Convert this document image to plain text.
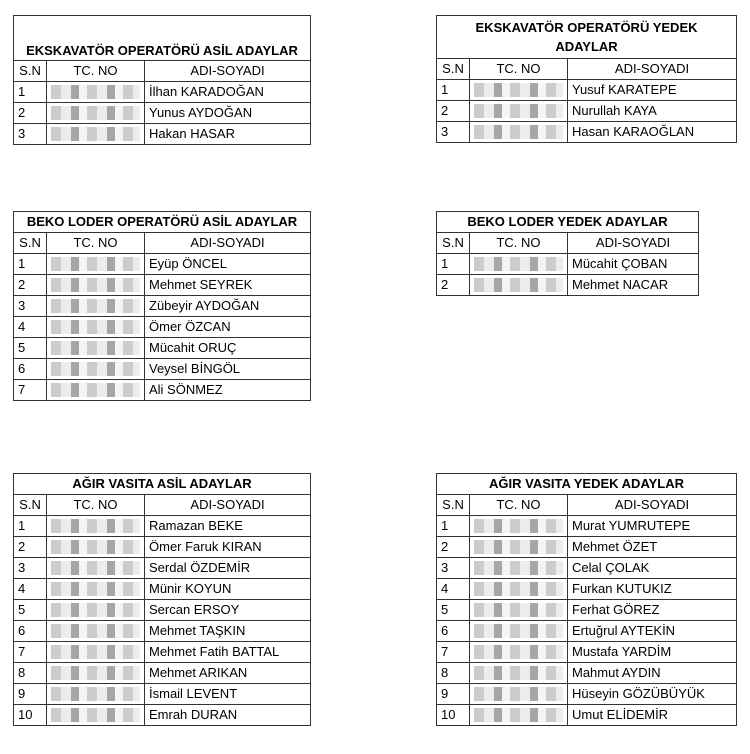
EKSKAVATÖR OPERATÖRÜ ASİL ADAYLAR		
S.N	TC. NO	ADI-SOYADI
1		İlhan KARADOĞAN
2		Yunus AYDOĞAN
3		Hakan HASAR
EKSKAVATÖR OPERATÖRÜ YEDEK
ADAYLAR		
S.N	TC. NO	ADI-SOYADI
1		Yusuf KARATEPE
2		Nurullah KAYA
3		Hasan KARAOĞLAN
BEKO LODER OPERATÖRÜ ASİL ADAYLAR		
S.N	TC. NO	ADI-SOYADI
1		Eyüp ÖNCEL
2		Mehmet SEYREK
3		Zübeyir AYDOĞAN
4		Ömer ÖZCAN
5		Mücahit ORUÇ
6		Veysel BİNGÖL
7		Ali SÖNMEZ
BEKO LODER YEDEK ADAYLAR		
S.N	TC. NO	ADI-SOYADI
1		Mücahit ÇOBAN
2		Mehmet NACAR
AĞIR VASITA ASİL ADAYLAR		
S.N	TC. NO	ADI-SOYADI
1		Ramazan BEKE
2		Ömer Faruk KIRAN
3		Serdal ÖZDEMİR
4		Münir KOYUN
5		Sercan ERSOY
6		Mehmet TAŞKIN
7		Mehmet Fatih BATTAL
8		Mehmet ARIKAN
9		İsmail LEVENT
10		Emrah DURAN
AĞIR VASITA YEDEK ADAYLAR		
S.N	TC. NO	ADI-SOYADI
1		Murat YUMRUTEPE
2		Mehmet ÖZET
3		Celal ÇOLAK
4		Furkan KUTUKIZ
5		Ferhat GÖREZ
6		Ertuğrul AYTEKİN
7		Mustafa YARDİM
8		Mahmut AYDIN
9		Hüseyin GÖZÜBÜYÜK
10		Umut ELİDEMİR
